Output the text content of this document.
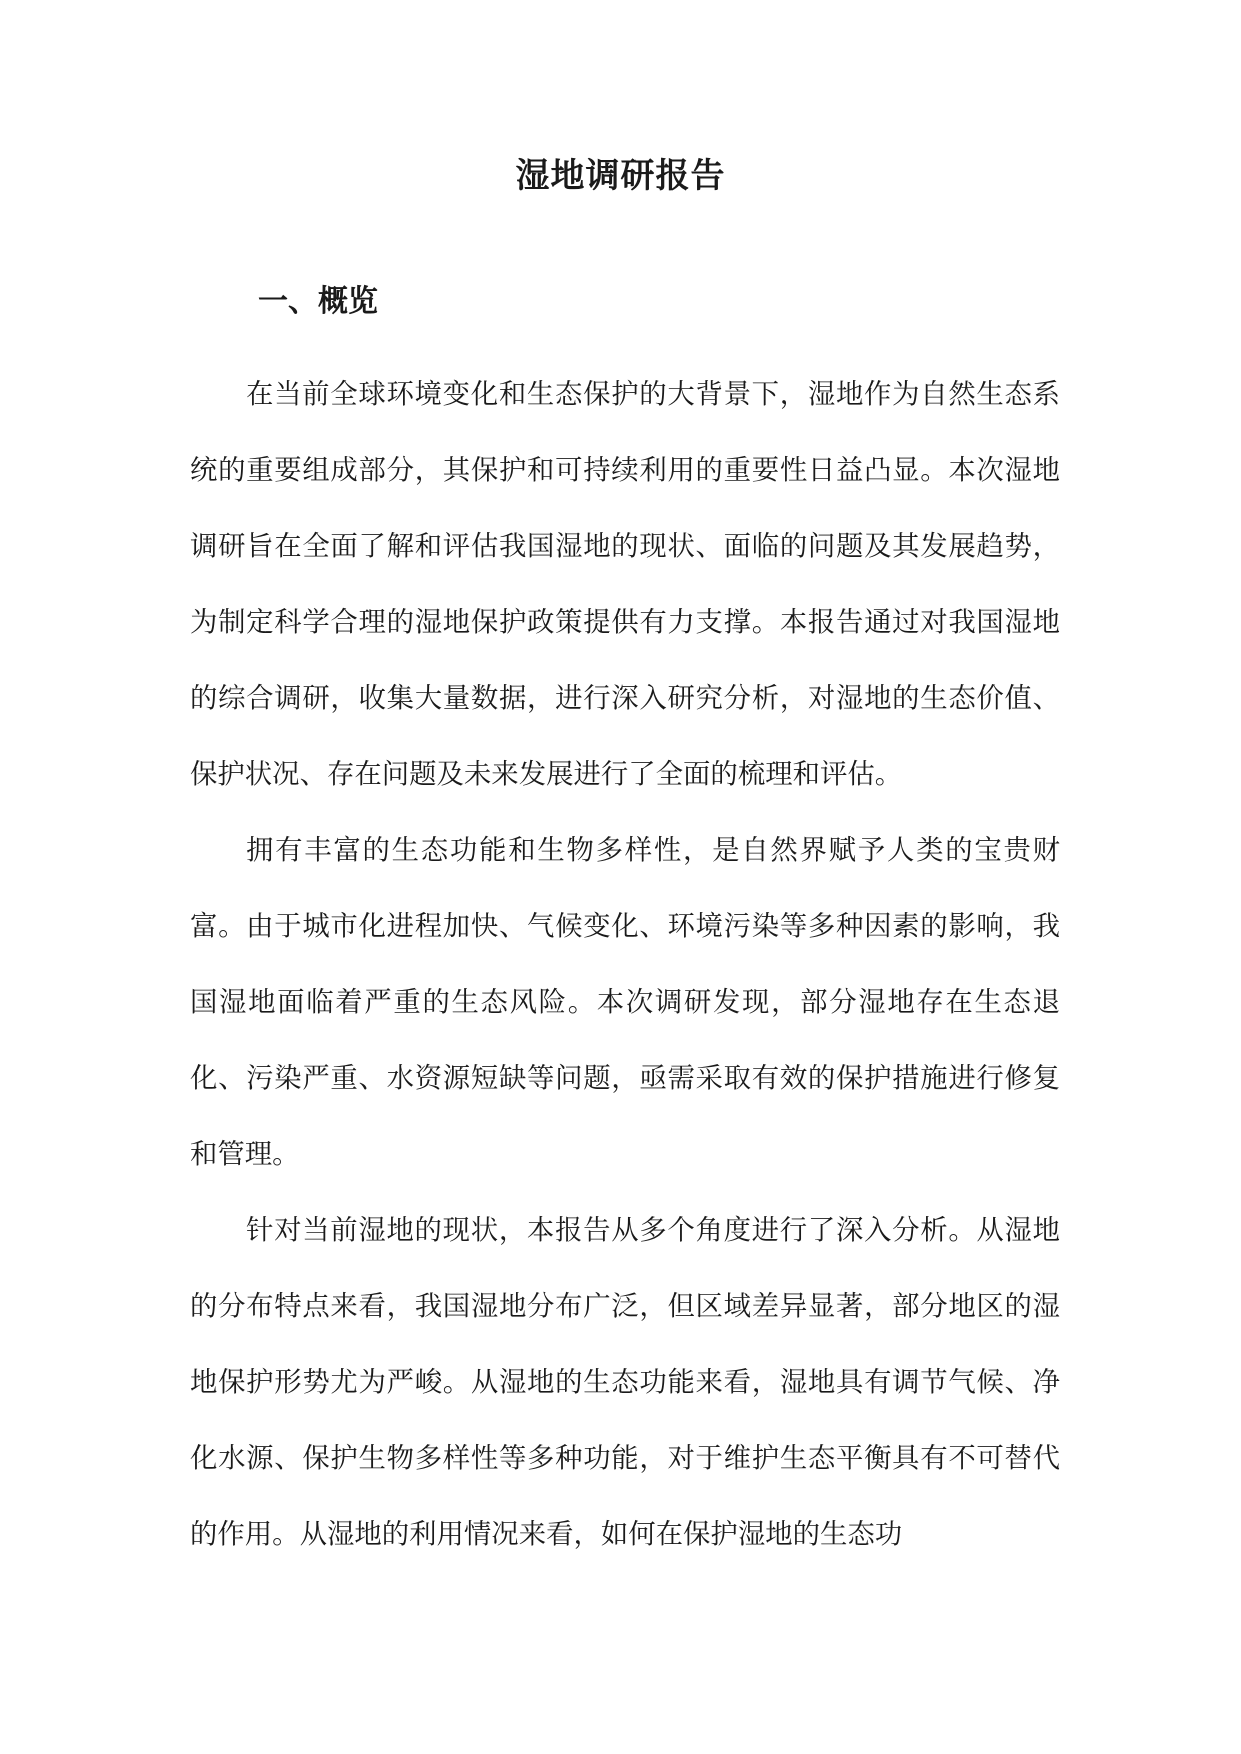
湿地调研报告
一、概览

在当前全球环境变化和生态保护的大背景下，湿地作为自然生态系统的重要组成部分，其保护和可持续利用的重要性日益凸显。本次湿地调研旨在全面了解和评估我国湿地的现状、面临的问题及其发展趋势，为制定科学合理的湿地保护政策提供有力支撑。本报告通过对我国湿地的综合调研，收集大量数据，进行深入研究分析，对湿地的生态价值、保护状况、存在问题及未来发展进行了全面的梳理和评估。

拥有丰富的生态功能和生物多样性，是自然界赋予人类的宝贵财富。由于城市化进程加快、气候变化、环境污染等多种因素的影响，我国湿地面临着严重的生态风险。本次调研发现，部分湿地存在生态退化、污染严重、水资源短缺等问题，亟需采取有效的保护措施进行修复和管理。

针对当前湿地的现状，本报告从多个角度进行了深入分析。从湿地的分布特点来看，我国湿地分布广泛，但区域差异显著，部分地区的湿地保护形势尤为严峻。从湿地的生态功能来看，湿地具有调节气候、净化水源、保护生物多样性等多种功能，对于维护生态平衡具有不可替代的作用。从湿地的利用情况来看，如何在保护湿地的生态功
